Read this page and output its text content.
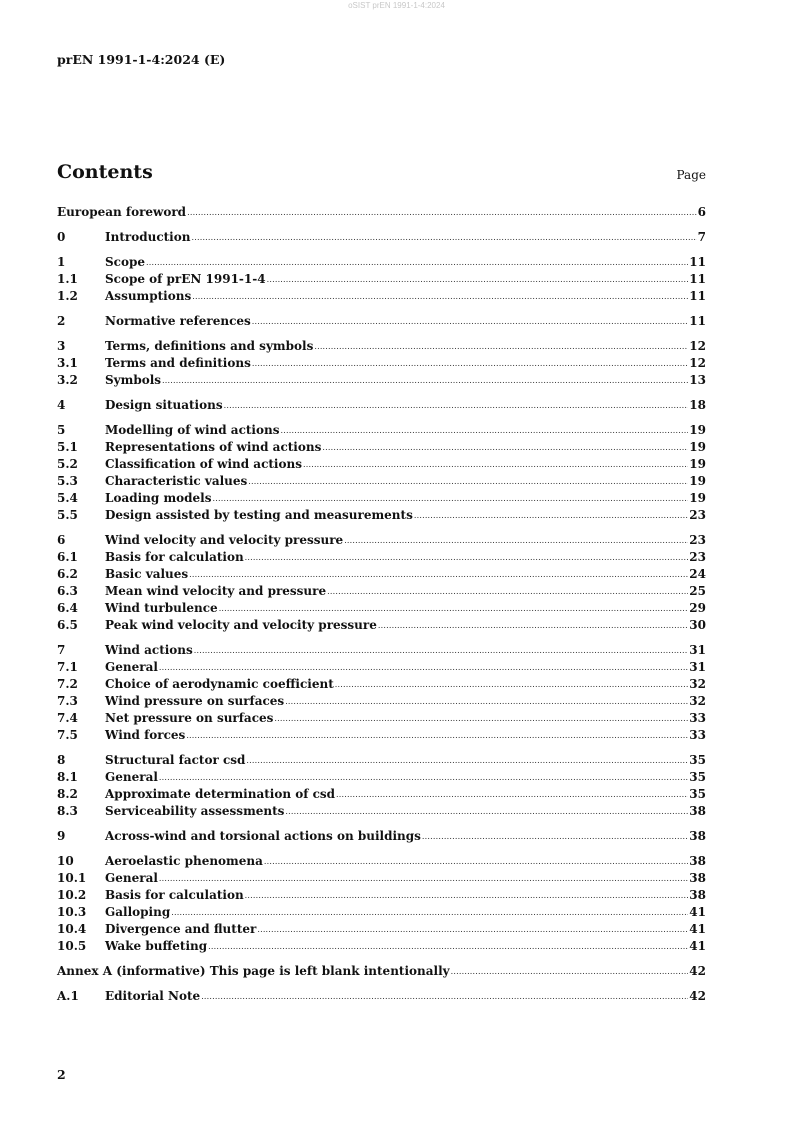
oSIST prEN 1991-1-4:2024
prEN 1991-1-4:2024 (E)
Contents	Page
European foreword .....	6
0	Introduction .....	7
1	Scope .....	11
1.1	Scope of prEN 1991-1-4 .....	11
1.2	Assumptions .....	11
2	Normative references .....	11
3	Terms, definitions and symbols .....	12
3.1	Terms and definitions .....	12
3.2	Symbols .....	13
4	Design situations .....	18
5	Modelling of wind actions .....	19
5.1	Representations of wind actions .....	19
5.2	Classification of wind actions .....	19
5.3	Characteristic values .....	19
5.4	Loading models .....	19
5.5	Design assisted by testing and measurements .....	23
6	Wind velocity and velocity pressure .....	23
6.1	Basis for calculation .....	23
6.2	Basic values .....	24
6.3	Mean wind velocity and pressure .....	25
6.4	Wind turbulence .....	29
6.5	Peak wind velocity and velocity pressure .....	30
7	Wind actions .....	31
7.1	General .....	31
7.2	Choice of aerodynamic coefficient .....	32
7.3	Wind pressure on surfaces .....	32
7.4	Net pressure on surfaces .....	33
7.5	Wind forces .....	33
8	Structural factor csd .....	35
8.1	General .....	35
8.2	Approximate determination of csd .....	35
8.3	Serviceability assessments .....	38
9	Across-wind and torsional actions on buildings .....	38
10	Aeroelastic phenomena .....	38
10.1	General .....	38
10.2	Basis for calculation .....	38
10.3	Galloping .....	41
10.4	Divergence and flutter .....	41
10.5	Wake buffeting .....	41
Annex A (informative) This page is left blank intentionally .....	42
A.1	Editorial Note .....	42
2
